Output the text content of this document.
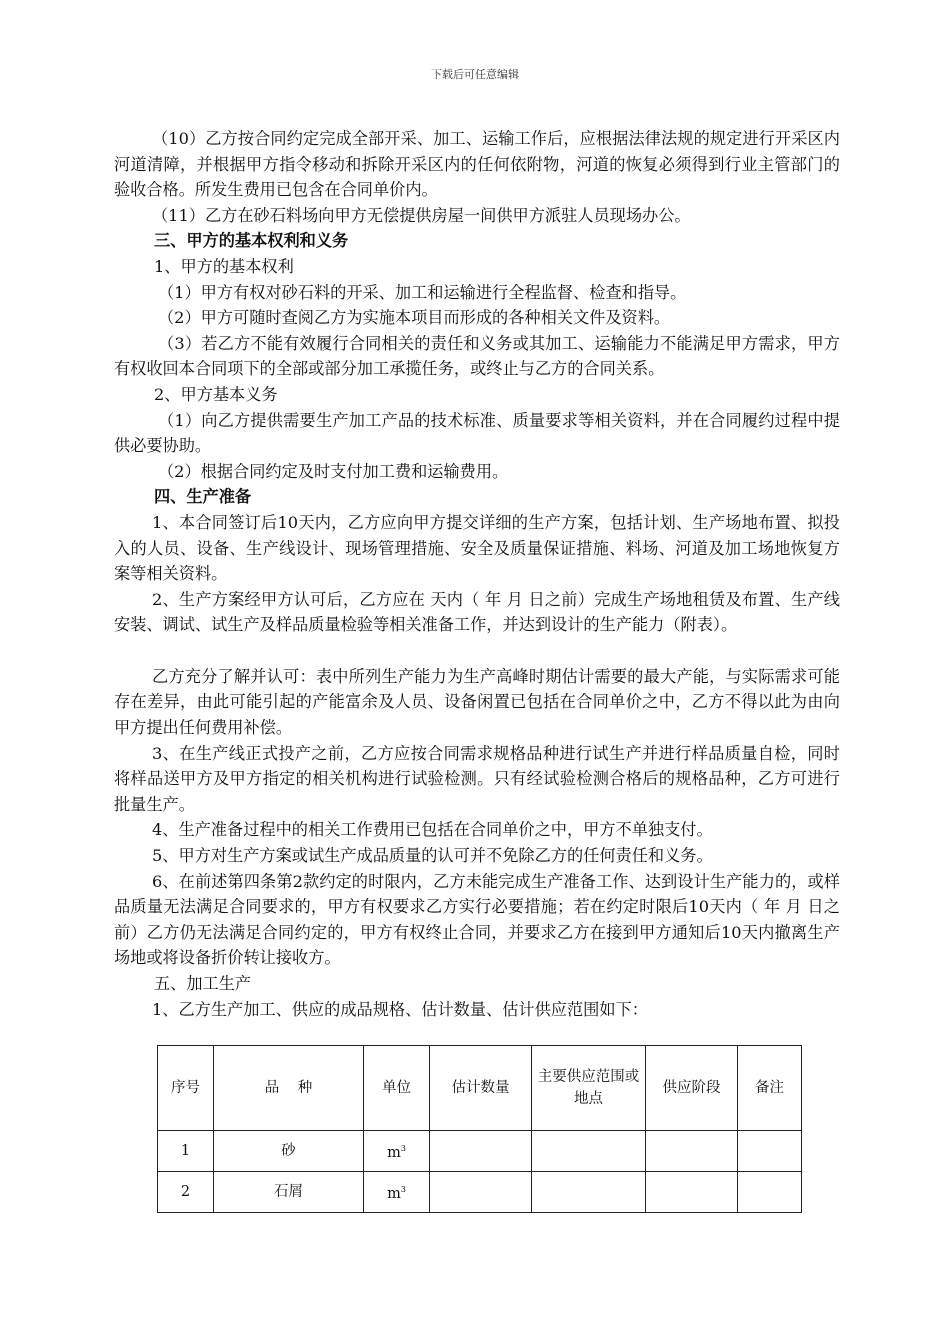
下载后可任意编辑

（10）乙方按合同约定完成全部开采、加工、运输工作后，应根据法律法规的规定进行开采区内河道清障，并根据甲方指令移动和拆除开采区内的任何依附物，河道的恢复必须得到行业主管部门的验收合格。所发生费用已包含在合同单价内。

（11）乙方在砂石料场向甲方无偿提供房屋一间供甲方派驻人员现场办公。

三、甲方的基本权利和义务

1、甲方的基本权利

（1）甲方有权对砂石料的开采、加工和运输进行全程监督、检查和指导。

（2）甲方可随时查阅乙方为实施本项目而形成的各种相关文件及资料。

（3）若乙方不能有效履行合同相关的责任和义务或其加工、运输能力不能满足甲方需求，甲方有权收回本合同项下的全部或部分加工承揽任务，或终止与乙方的合同关系。

2、甲方基本义务

（1）向乙方提供需要生产加工产品的技术标准、质量要求等相关资料，并在合同履约过程中提供必要协助。

（2）根据合同约定及时支付加工费和运输费用。

四、生产准备

1、本合同签订后10天内，乙方应向甲方提交详细的生产方案，包括计划、生产场地布置、拟投入的人员、设备、生产线设计、现场管理措施、安全及质量保证措施、料场、河道及加工场地恢复方案等相关资料。

2、生产方案经甲方认可后，乙方应在 天内（ 年 月 日之前）完成生产场地租赁及布置、生产线安装、调试、试生产及样品质量检验等相关准备工作，并达到设计的生产能力（附表）。

乙方充分了解并认可：表中所列生产能力为生产高峰时期估计需要的最大产能，与实际需求可能存在差异，由此可能引起的产能富余及人员、设备闲置已包括在合同单价之中，乙方不得以此为由向甲方提出任何费用补偿。

3、在生产线正式投产之前，乙方应按合同需求规格品种进行试生产并进行样品质量自检，同时将样品送甲方及甲方指定的相关机构进行试验检测。只有经试验检测合格后的规格品种，乙方可进行批量生产。

4、生产准备过程中的相关工作费用已包括在合同单价之中，甲方不单独支付。

5、甲方对生产方案或试生产成品质量的认可并不免除乙方的任何责任和义务。

6、在前述第四条第2款约定的时限内，乙方未能完成生产准备工作、达到设计生产能力的，或样品质量无法满足合同要求的，甲方有权要求乙方实行必要措施；若在约定时限后10天内（ 年 月 日之前）乙方仍无法满足合同约定的，甲方有权终止合同，并要求乙方在接到甲方通知后10天内撤离生产场地或将设备折价转让接收方。

五、加工生产

1、乙方生产加工、供应的成品规格、估计数量、估计供应范围如下：

序号	品    种	单位	估计数量	主要供应范围或地点	供应阶段	备注
1	砂	$m^3$				
2	石屑	$m^3$				
